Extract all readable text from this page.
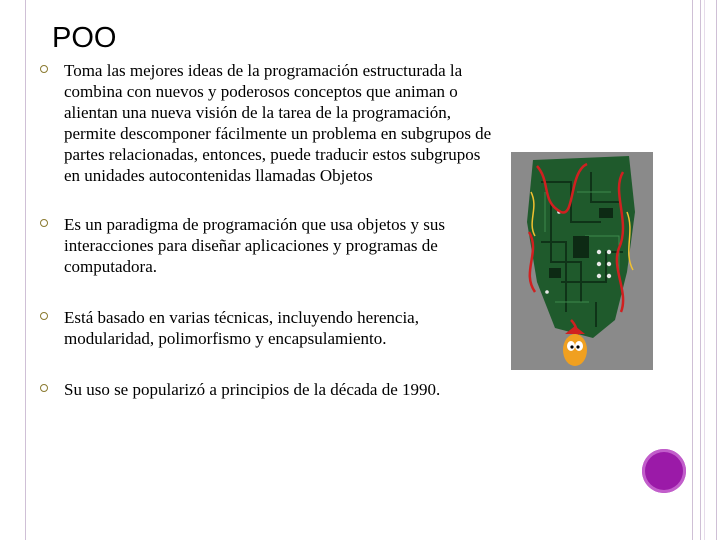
POO
Toma las mejores ideas de la programación estructurada la combina con nuevos y poderosos conceptos que animan o alientan una nueva visión de la tarea de la programación, permite descomponer fácilmente un problema en subgrupos de partes relacionadas, entonces, puede traducir estos subgrupos en unidades autocontenidas llamadas Objetos
Es un paradigma de programación que usa objetos y sus interacciones para diseñar aplicaciones y programas de computadora.
Está basado en varias técnicas, incluyendo herencia, modularidad, polimorfismo y encapsulamiento.
Su uso se popularizó a principios de la década de 1990.
